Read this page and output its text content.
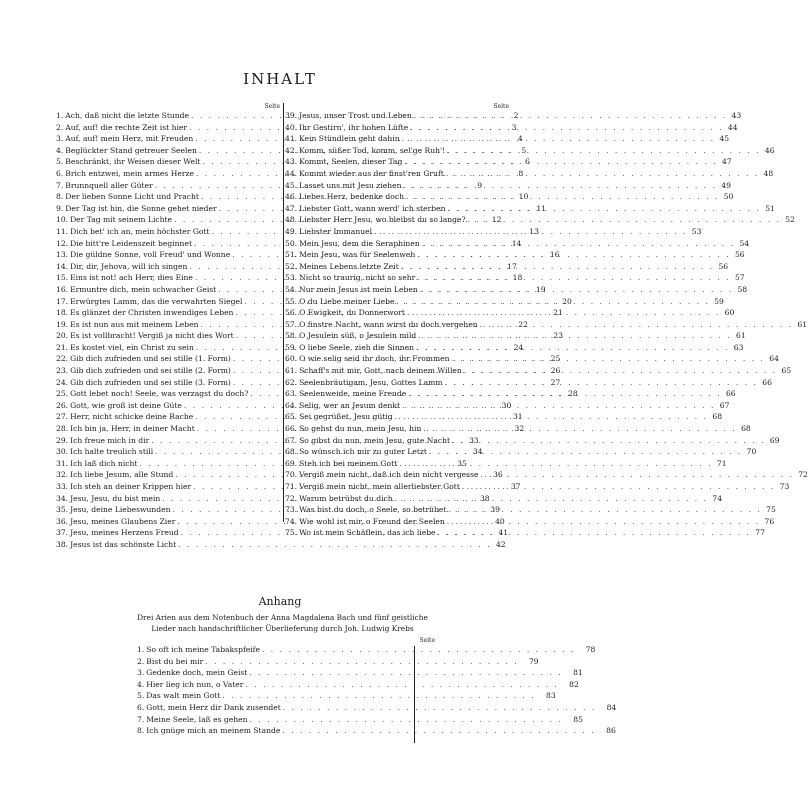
INHALT
Seite
1. Ach, daß nicht die letzte Stunde . . .	2
2. Auf, auf! die rechte Zeit ist hier . . .	3
3. Auf, auf! mein Herz, mit Freuden . . .	4
4. Beglückter Stand getreuer Seelen . . .	5
5. Beschränkt, ihr Weisen dieser Welt . . .	6
6. Brich entzwei, mein armes Herze . . .	8
7. Brunnquell aller Güter . . .	9
8. Der lieben Sonne Licht und Pracht . . .	10
9. Der Tag ist hin, die Sonne gehet nieder . . .	11
10. Der Tag mit seinem Lichte . . .	12
11. Dich bet' ich an, mein höchster Gott . . .	13
12. Die bitt're Leidenszeit beginnet . . .	14
13. Die güldne Sonne, voll Freud' und Wonne . . .	16
14. Dir, dir, Jehova, will ich singen . . .	17
15. Eins ist not! ach Herr, dies Eine . . .	18
16. Ermuntre dich, mein schwacher Geist . . .	19
17. Erwürgtes Lamm, das die verwahrten Siegel . . .	20
18. Es glänzet der Christen inwendiges Leben . . .	21
19. Es ist nun aus mit meinem Leben . . .	22
20. Es ist vollbracht! Vergiß ja nicht dies Wort . . .	23
21. Es kostet viel, ein Christ zu sein . . .	24
22. Gib dich zufrieden und sei stille (1. Form) . . .	25
23. Gib dich zufrieden und sei stille (2. Form) . . .	26
24. Gib dich zufrieden und sei stille (3. Form) . . .	27
25. Gott lebet noch! Seele, was verzagst du doch? . . .	28
26. Gott, wie groß ist deine Güte . . .	30
27. Herr, nicht schicke deine Rache . . .	31
28. Ich bin ja, Herr, in deiner Macht . . .	32
29. Ich freue mich in dir . . .	33
30. Ich halte treulich still . . .	34
31. Ich laß dich nicht . . .	35
32. Ich liebe Jesum, alle Stund . . .	36
33. Ich steh an deiner Krippen hier . . .	37
34. Jesu, Jesu, du bist mein . . .	38
35. Jesu, deine Liebeswunden . . .	39
36. Jesu, meines Glaubens Zier . . .	40
37. Jesu, meines Herzens Freud . . .	41
38. Jesus ist das schönste Licht . . .	42
Seite
39. Jesus, unser Trost und Leben . . .	43
40. Ihr Gestirn', ihr hohen Lüfte . . .	44
41. Kein Stündlein geht dahin . . .	45
42. Komm, süßer Tod, komm, sel'ge Ruh'! . . .	46
43. Kommt, Seelen, dieser Tag . . .	47
44. Kommt wieder aus der finst'ren Gruft . . .	48
45. Lasset uns mit Jesu ziehen . . .	49
46. Liebes Herz, bedenke doch . . .	50
47. Liebster Gott, wann werd' ich sterben . . .	51
48. Liebster Herr Jesu, wo bleibst du so lange? . . .	52
49. Liebster Immanuel . . .	53
50. Mein Jesu, dem die Seraphinen . . .	54
51. Mein Jesu, was für Seelenweh . . .	56
52. Meines Lebens letzte Zeit . . .	56
53. Nicht so traurig, nicht so sehr . . .	57
54. Nur mein Jesus ist mein Leben . . .	58
55. O du Liebe meiner Liebe . . .	59
56. O Ewigkeit, du Donnerwort . . .	60
57. O finstre Nacht, wann wirst du doch vergehen . . .	61
58. O Jesulein süß, o Jesulein mild . . .	61
59. O liebe Seele, zieh die Sinnen . . .	63
60. O wie selig seid ihr doch, ihr Frommen . . .	64
61. Schaff's mit mir, Gott, nach deinem Willen . . .	65
62. Seelenbräutigam, Jesu, Gottes Lamm . . .	66
63. Seelenweide, meine Freude . . .	66
64. Selig, wer an Jesum denkt . . .	67
65. Sei gegrüßet, Jesu gütig . . .	68
66. So gehst du nun, mein Jesu, hin . . .	68
67. So gibst du nun, mein Jesu, gute Nacht . . .	69
68. So wünsch ich mir zu guter Letzt . . .	70
69. Steh ich bei meinem Gott . . .	71
70. Vergiß mein nicht, daß ich dein nicht vergesse . . .	72
71. Vergiß mein nicht, mein allerliebster Gott . . .	73
72. Warum betrübst du dich . . .	74
73. Was bist du doch, o Seele, so betrübet . . .	75
74. Wie wohl ist mir, o Freund der Seelen . . .	76
75. Wo ist mein Schäflein, das ich liebe . . .	77
Anhang
Drei Arien aus dem Notenbuch der Anna Magdalena Bach und fünf geistliche Lieder nach handschriftlicher Überlieferung durch Joh. Ludwig Krebs
Seite
1. So oft ich meine Tabakspfeife . . .	78
2. Bist du bei mir . . .	79
3. Gedenke doch, mein Geist . . .	81
4. Hier lieg ich nun, o Vater . . .	82
5. Das walt mein Gott . . .	83
6. Gott, mein Herz dir Dank zusendet . . .	84
7. Meine Seele, laß es gehen . . .	85
8. Ich gnüge mich an meinem Stande . . .	86
